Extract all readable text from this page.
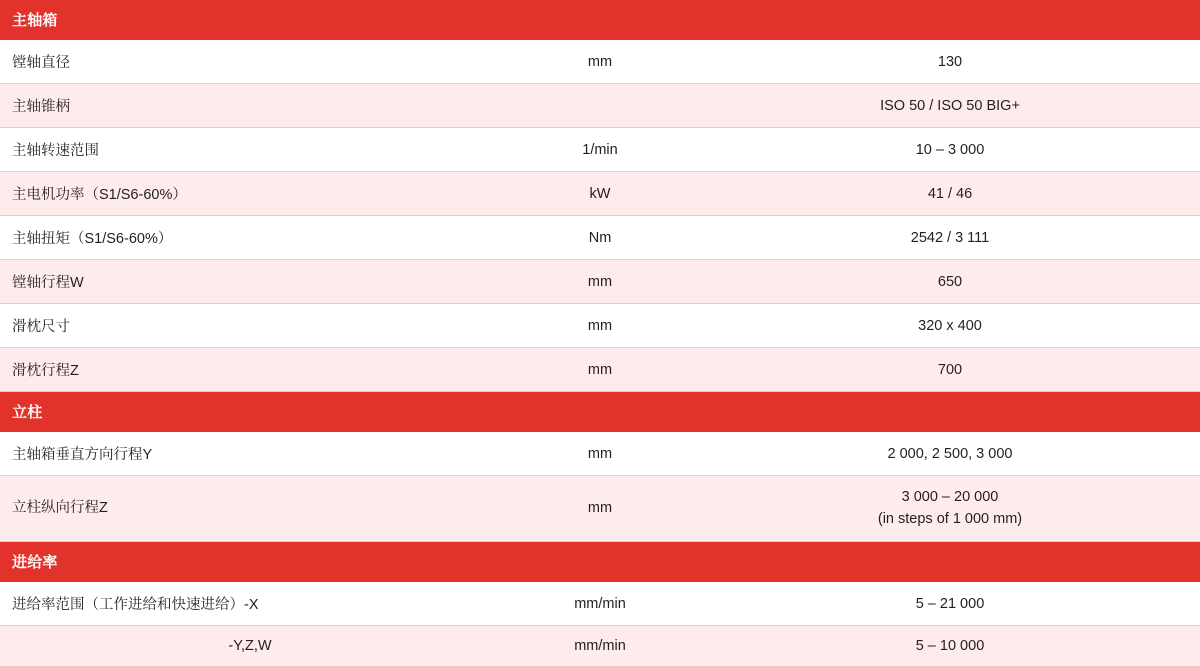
主轴箱		
镗轴直径	mm	130

主轴锥柄		ISO 50 / ISO 50 BIG+

主轴转速范围	1/min	10 – 3 000

主电机功率（S1/S6-60%）	kW	41 / 46

主轴扭矩（S1/S6-60%）	Nm	2542 / 3 111

镗轴行程W	mm	650

滑枕尺寸	mm	320 x 400

滑枕行程Z	mm	700

立柱		
主轴箱垂直方向行程Y	mm	2 000, 2 500, 3 000

立柱纵向行程Z	mm	3 000 – 20 000
(in steps of 1 000 mm)

进给率		
进给率范围（工作进给和快速进给）-X	mm/min	5 – 21 000

-Y,Z,W	mm/min	5 – 10 000
